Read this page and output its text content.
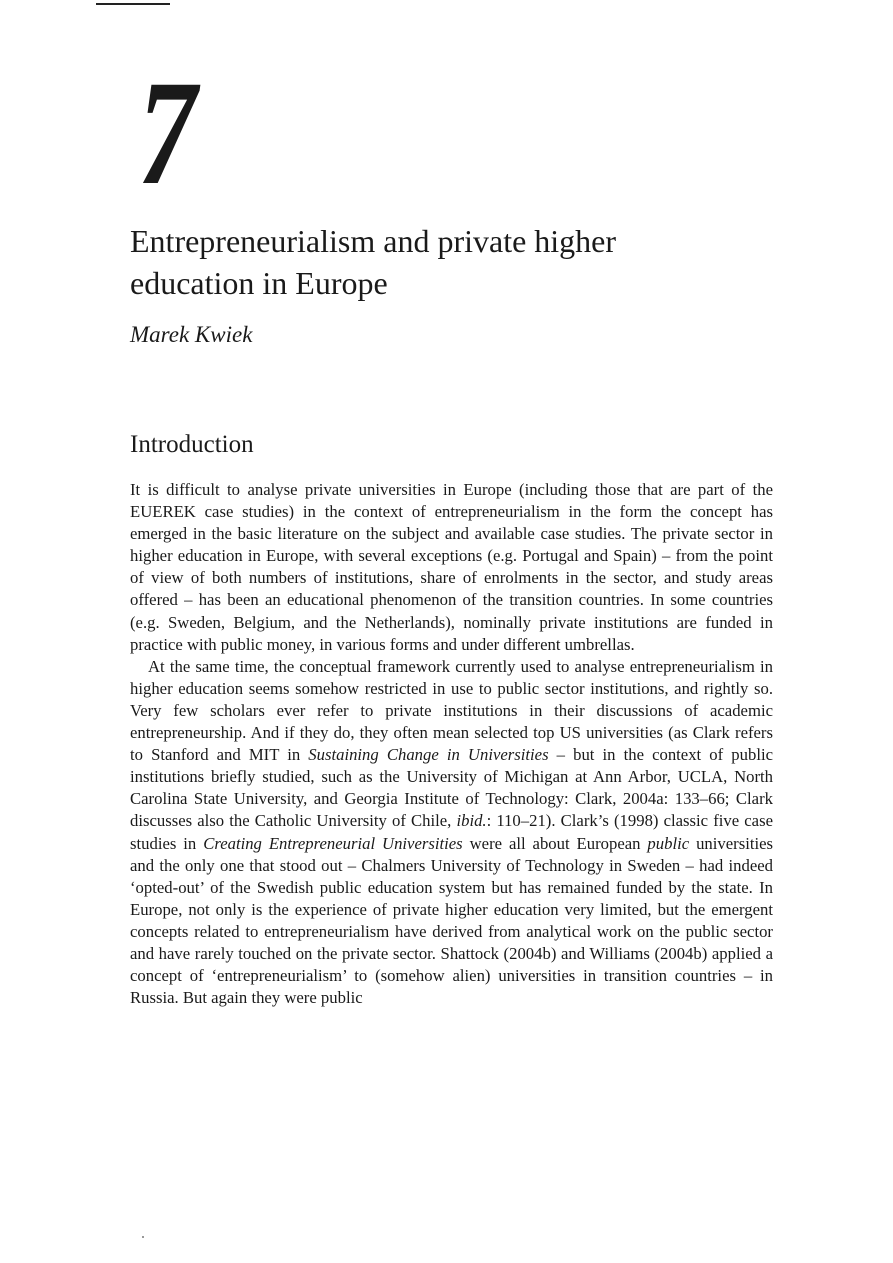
7
Entrepreneurialism and private higher
education in Europe

Marek Kwiek

Introduction

It is difficult to analyse private universities in Europe (including those that are part of the EUEREK case studies) in the context of entrepreneurialism in the form the concept has emerged in the basic literature on the subject and available case studies. The private sector in higher education in Europe, with several exceptions (e.g. Portugal and Spain) – from the point of view of both numbers of institutions, share of enrolments in the sector, and study areas offered – has been an educational phenomenon of the transition countries. In some countries (e.g. Sweden, Belgium, and the Netherlands), nominally private institutions are funded in practice with public money, in various forms and under different umbrellas.

At the same time, the conceptual framework currently used to analyse entrepreneurialism in higher education seems somehow restricted in use to public sector institutions, and rightly so. Very few scholars ever refer to private institutions in their discussions of academic entrepreneurship. And if they do, they often mean selected top US universities (as Clark refers to Stanford and MIT in Sustaining Change in Universities – but in the context of public institutions briefly studied, such as the University of Michigan at Ann Arbor, UCLA, North Carolina State University, and Georgia Institute of Technology: Clark, 2004a: 133–66; Clark discusses also the Catholic University of Chile, ibid.: 110–21). Clark’s (1998) classic five case studies in Creating Entrepreneurial Universities were all about European public universities and the only one that stood out – Chalmers University of Technology in Sweden – had indeed ‘opted-out’ of the Swedish public education system but has remained funded by the state. In Europe, not only is the experience of private higher education very limited, but the emergent concepts related to entrepreneurialism have derived from analytical work on the public sector and have rarely touched on the private sector. Shattock (2004b) and Williams (2004b) applied a concept of ‘entrepreneurialism’ to (somehow alien) universities in transition countries – in Russia. But again they were public
